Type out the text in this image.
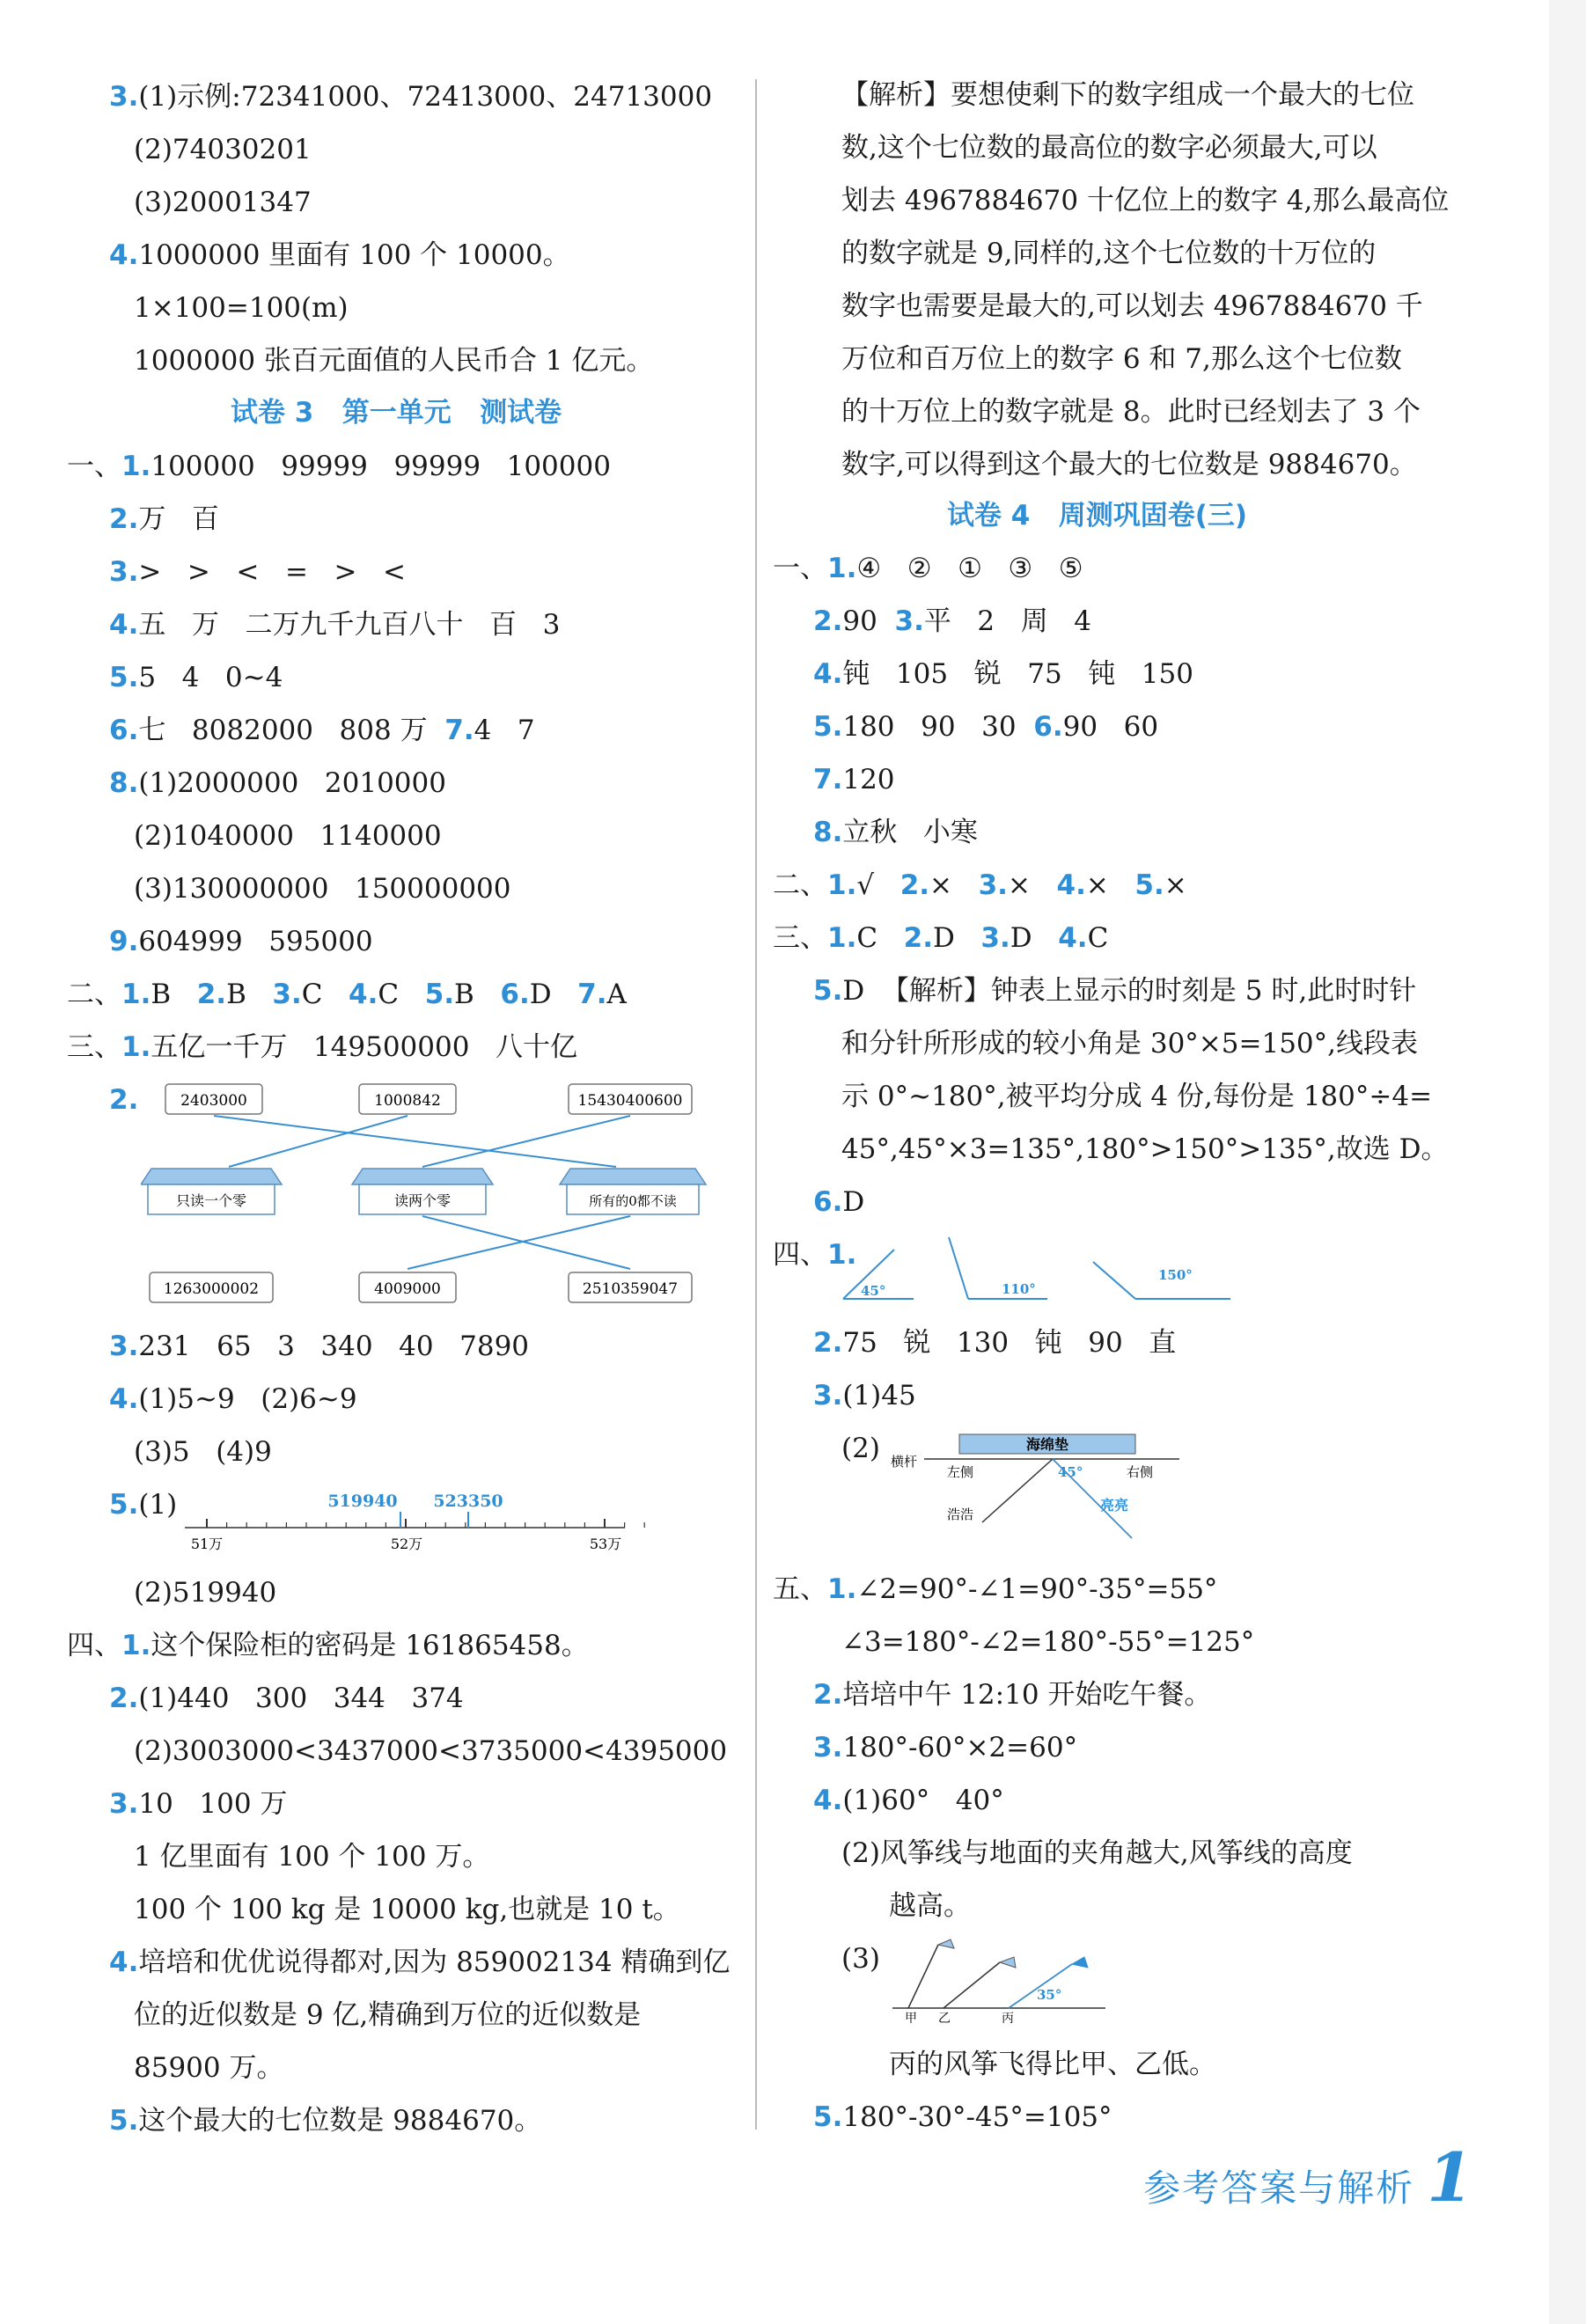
3.(1)示例:72341000、72413000、24713000
(2)74030201
(3)20001347
4.1000000 里面有 100 个 10000。
1×100=100(m)
1000000 张百元面值的人民币合 1 亿元。
试卷 3   第一单元   测试卷
一、1.100000   99999   99999   100000
2.万   百
3.>   >   <   =   >   <
4.五   万   二万九千九百八十   百   3
5.5   4   0~4
6.七   8082000   808 万  7.4   7
8.(1)2000000   2010000
(2)1040000   1140000
(3)130000000   150000000
9.604999   595000
二、1.B   2.B   3.C   4.C   5.B   6.D   7.A
三、1.五亿一千万   149500000   八十亿
2.	2403000	1000842	15430400600
只读一个零	读两个零	所有的0都不读
1263000002	4009000	2510359047
3.231   65   3   340   40   7890
4.(1)5~9   (2)6~9
(3)5   (4)9
5.(1)	519940 523350
51万	52万	53万
(2)519940
四、1.这个保险柜的密码是 161865458。
2.(1)440   300   344   374
(2)3003000<3437000<3735000<4395000
3.10   100 万
1 亿里面有 100 个 100 万。
100 个 100 kg 是 10000 kg,也就是 10 t。
4.培培和优优说得都对,因为 859002134 精确到亿
位的近似数是 9 亿,精确到万位的近似数是
85900 万。
5.这个最大的七位数是 9884670。
【解析】要想使剩下的数字组成一个最大的七位
数,这个七位数的最高位的数字必须最大,可以
划去 4967884670 十亿位上的数字 4,那么最高位
的数字就是 9,同样的,这个七位数的十万位的
数字也需要是最大的,可以划去 4967884670 千
万位和百万位上的数字 6 和 7,那么这个七位数
的十万位上的数字就是 8。此时已经划去了 3 个
数字,可以得到这个最大的七位数是 9884670。
试卷 4   周测巩固卷(三)
一、1.④   ②   ①   ③   ⑤
2.90  3.平   2   周   4
4.钝   105   锐   75   钝   150
5.180   90   30  6.90   60
7.120
8.立秋   小寒
二、1.√   2.×   3.×   4.×   5.×
三、1.C   2.D   3.D   4.C
5.D  【解析】钟表上显示的时刻是 5 时,此时时针
和分针所形成的较小角是 30°×5=150°,线段表
示 0°~180°,被平均分成 4 份,每份是 180°÷4=
45°,45°×3=135°,180°>150°>135°,故选 D。
6.D
四、1.
45°	110°
150°
2.75   锐   130   钝   90   直
3.(1)45
(2)	海绵垫
横杆
左侧	右侧
45°
浩浩
亮亮
五、1.∠2=90°-∠1=90°-35°=55°
∠3=180°-∠2=180°-55°=125°
2.培培中午 12:10 开始吃午餐。
3.180°-60°×2=60°
4.(1)60°   40°
(2)风筝线与地面的夹角越大,风筝线的高度
越高。
(3)
35°
甲 乙	丙
丙的风筝飞得比甲、乙低。
5.180°-30°-45°=105°
参考答案与解析 1
